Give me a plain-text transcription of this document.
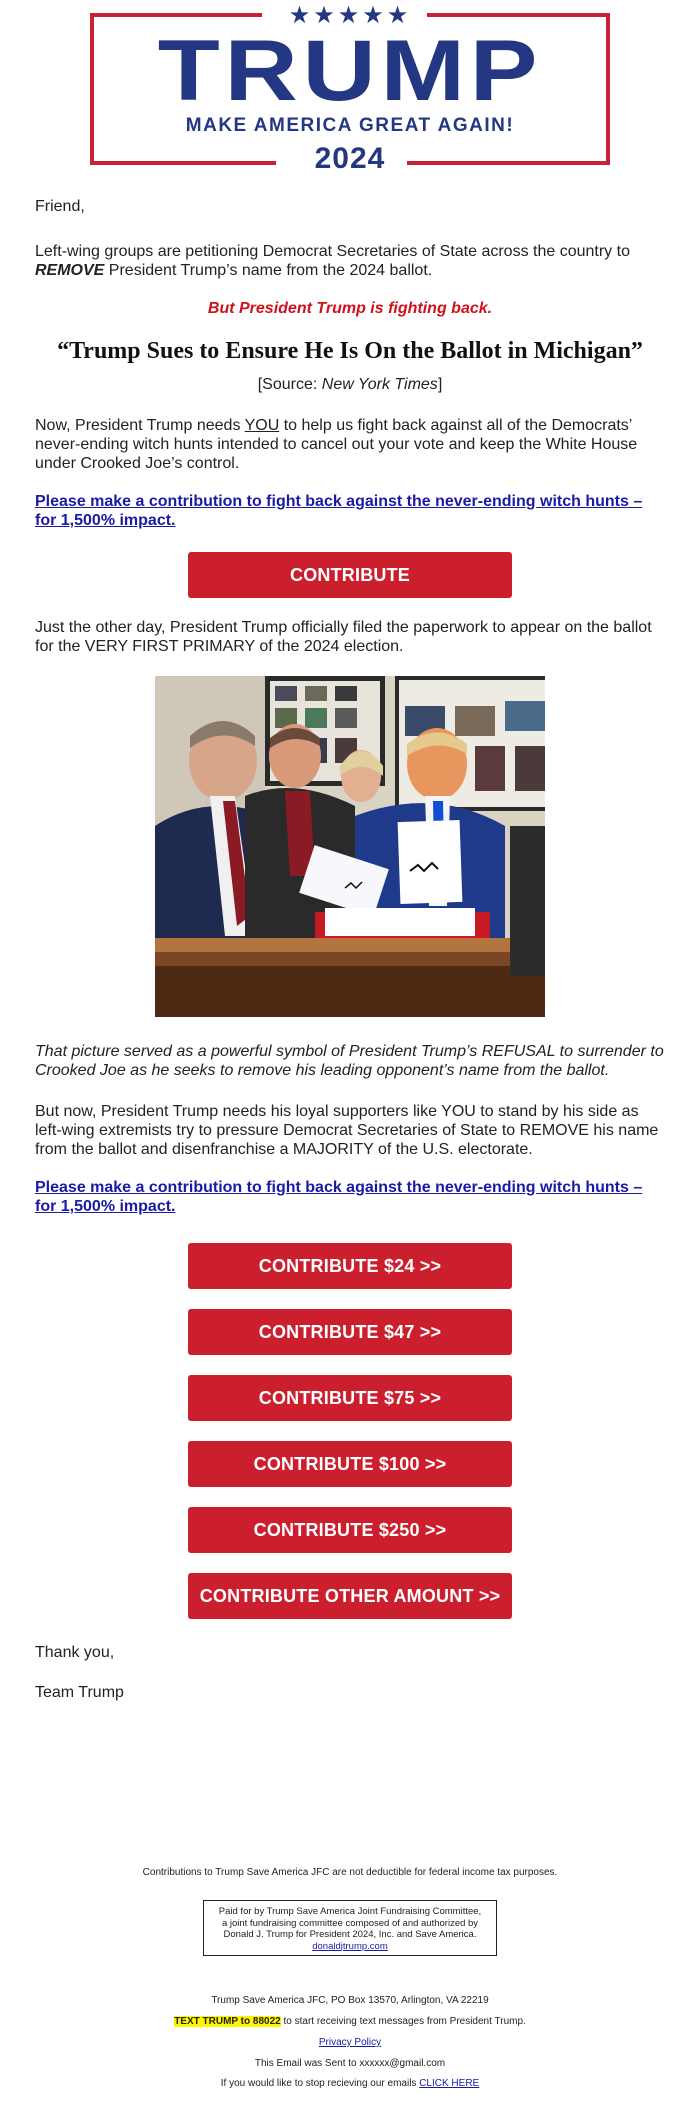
★★★★★
TRUMP
MAKE AMERICA GREAT AGAIN!
2024
Friend,
Left-wing groups are petitioning Democrat Secretaries of State across the country to
REMOVE President Trump’s name from the 2024 ballot.
But President Trump is fighting back.
“Trump Sues to Ensure He Is On the Ballot in Michigan”
[Source: New York Times]
Now, President Trump needs YOU to help us fight back against all of the Democrats’ never-ending witch hunts intended to cancel out your vote and keep the White House under Crooked Joe’s control.
Please make a contribution to fight back against the never-ending witch hunts – for 1,500% impact.
CONTRIBUTE
Just the other day, President Trump officially filed the paperwork to appear on the ballot for the VERY FIRST PRIMARY of the 2024 election.
That picture served as a powerful symbol of President Trump’s REFUSAL to surrender to Crooked Joe as he seeks to remove his leading opponent’s name from the ballot.
But now, President Trump needs his loyal supporters like YOU to stand by his side as left-wing extremists try to pressure Democrat Secretaries of State to REMOVE his name from the ballot and disenfranchise a MAJORITY of the U.S. electorate.
Please make a contribution to fight back against the never-ending witch hunts – for 1,500% impact.
CONTRIBUTE $24 >>
CONTRIBUTE $47 >>
CONTRIBUTE $75 >>
CONTRIBUTE $100 >>
CONTRIBUTE $250 >>
CONTRIBUTE OTHER AMOUNT >>
Thank you,
Team Trump
Contributions to Trump Save America JFC are not deductible for federal income tax purposes.
Paid for by Trump Save America Joint Fundraising Committee,
a joint fundraising committee composed of and authorized by
Donald J. Trump for President 2024, Inc. and Save America.
donaldjtrump.com
Trump Save America JFC, PO Box 13570, Arlington, VA 22219
TEXT TRUMP to 88022 to start receiving text messages from President Trump.
Privacy Policy
This Email was Sent to xxxxxx@gmail.com
If you would like to stop recieving our emails CLICK HERE
